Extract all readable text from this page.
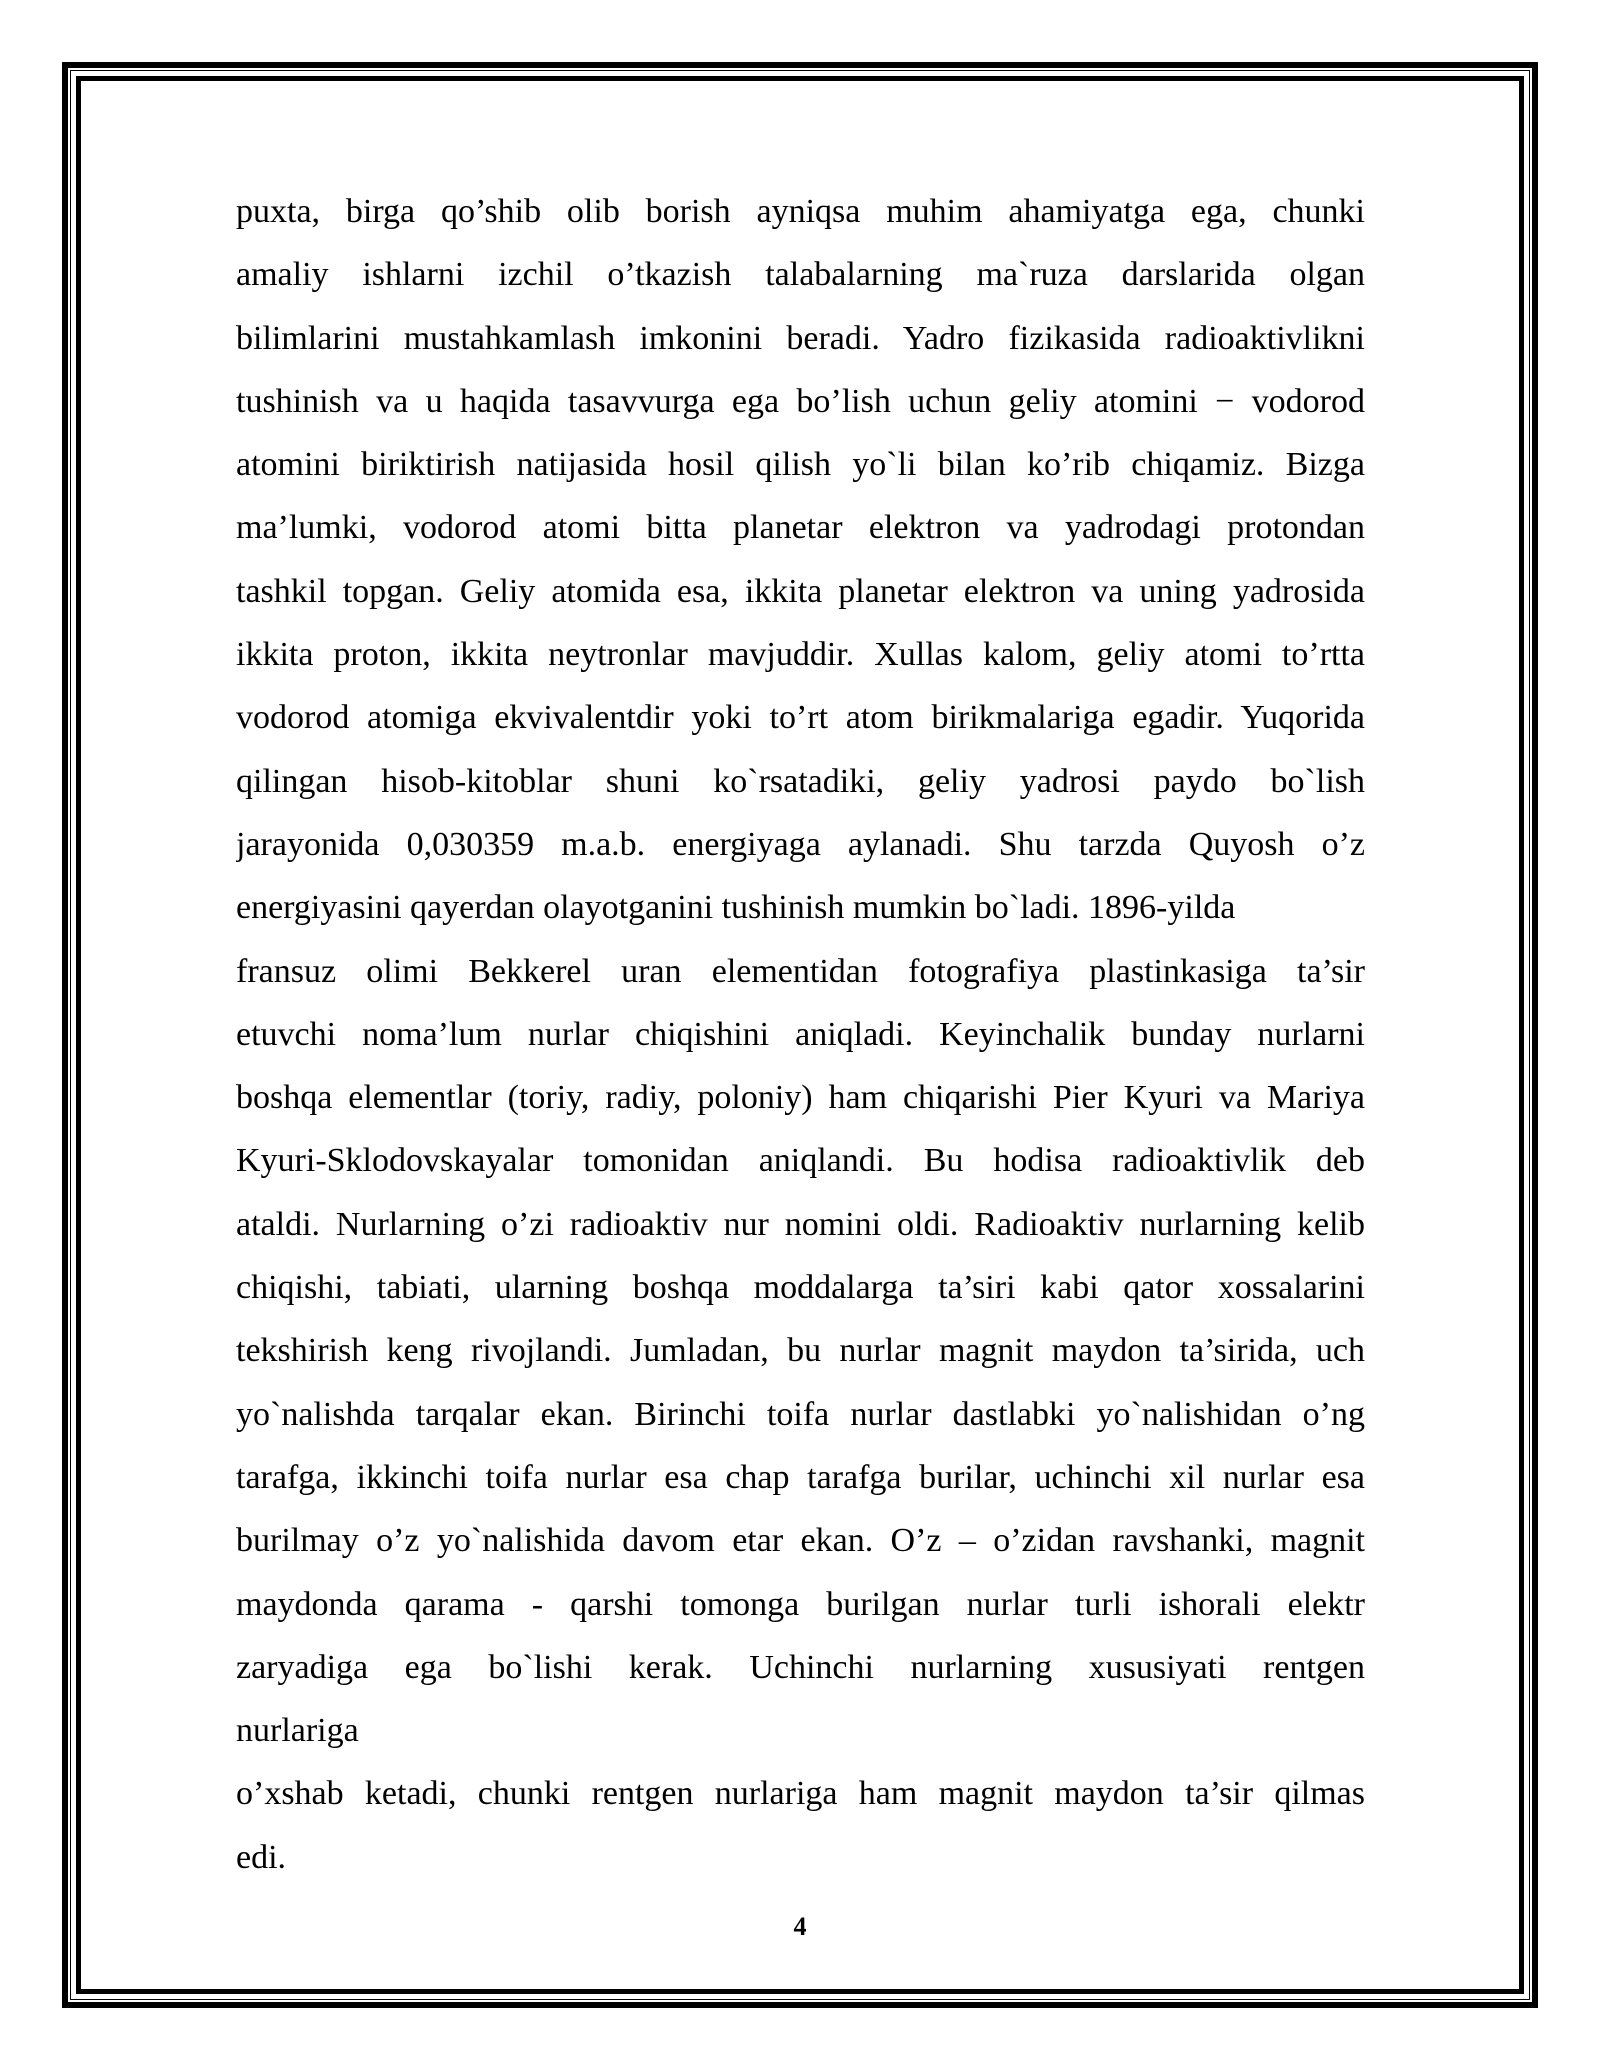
puxta, birga qo’shib olib borish ayniqsa muhim ahamiyatga ega, chunki
amaliy ishlarni izchil o’tkazish talabalarning ma`ruza darslarida olgan
bilimlarini mustahkamlash imkonini beradi. Yadro fizikasida radioaktivlikni
tushinish va u haqida tasavvurga ega bo’lish uchun geliy atomini − vodorod
atomini biriktirish natijasida hosil qilish yo`li bilan ko’rib chiqamiz. Bizga
ma’lumki, vodorod atomi bitta planetar elektron va yadrodagi protondan
tashkil topgan. Geliy atomida esa, ikkita planetar elektron va uning yadrosida
ikkita proton, ikkita neytronlar mavjuddir. Xullas kalom, geliy atomi to’rtta
vodorod atomiga ekvivalentdir yoki to’rt atom birikmalariga egadir. Yuqorida
qilingan hisob-kitoblar shuni ko`rsatadiki, geliy yadrosi paydo bo`lish
jarayonida 0,030359 m.a.b. energiyaga aylanadi. Shu tarzda Quyosh o’z
energiyasini qayerdan olayotganini tushinish mumkin bo`ladi. 1896-yilda
fransuz olimi Bekkerel uran elementidan fotografiya plastinkasiga ta’sir
etuvchi noma’lum nurlar chiqishini aniqladi. Keyinchalik bunday nurlarni
boshqa elementlar (toriy, radiy, poloniy) ham chiqarishi Pier Kyuri va Mariya
Kyuri-Sklodovskayalar tomonidan aniqlandi. Bu hodisa radioaktivlik deb
ataldi. Nurlarning o’zi radioaktiv nur nomini oldi. Radioaktiv nurlarning kelib
chiqishi, tabiati, ularning boshqa moddalarga ta’siri kabi qator xossalarini
tekshirish keng rivojlandi. Jumladan, bu nurlar magnit maydon ta’sirida, uch
yo`nalishda tarqalar ekan. Birinchi toifa nurlar dastlabki yo`nalishidan o’ng
tarafga, ikkinchi toifa nurlar esa chap tarafga burilar, uchinchi xil nurlar esa
burilmay o’z yo`nalishida davom etar ekan. O’z – o’zidan ravshanki, magnit
maydonda qarama - qarshi tomonga burilgan nurlar turli ishorali elektr
zaryadiga ega bo`lishi kerak. Uchinchi nurlarning xususiyati rentgen
nurlariga
o’xshab ketadi, chunki rentgen nurlariga ham magnit maydon ta’sir qilmas
edi.
4
